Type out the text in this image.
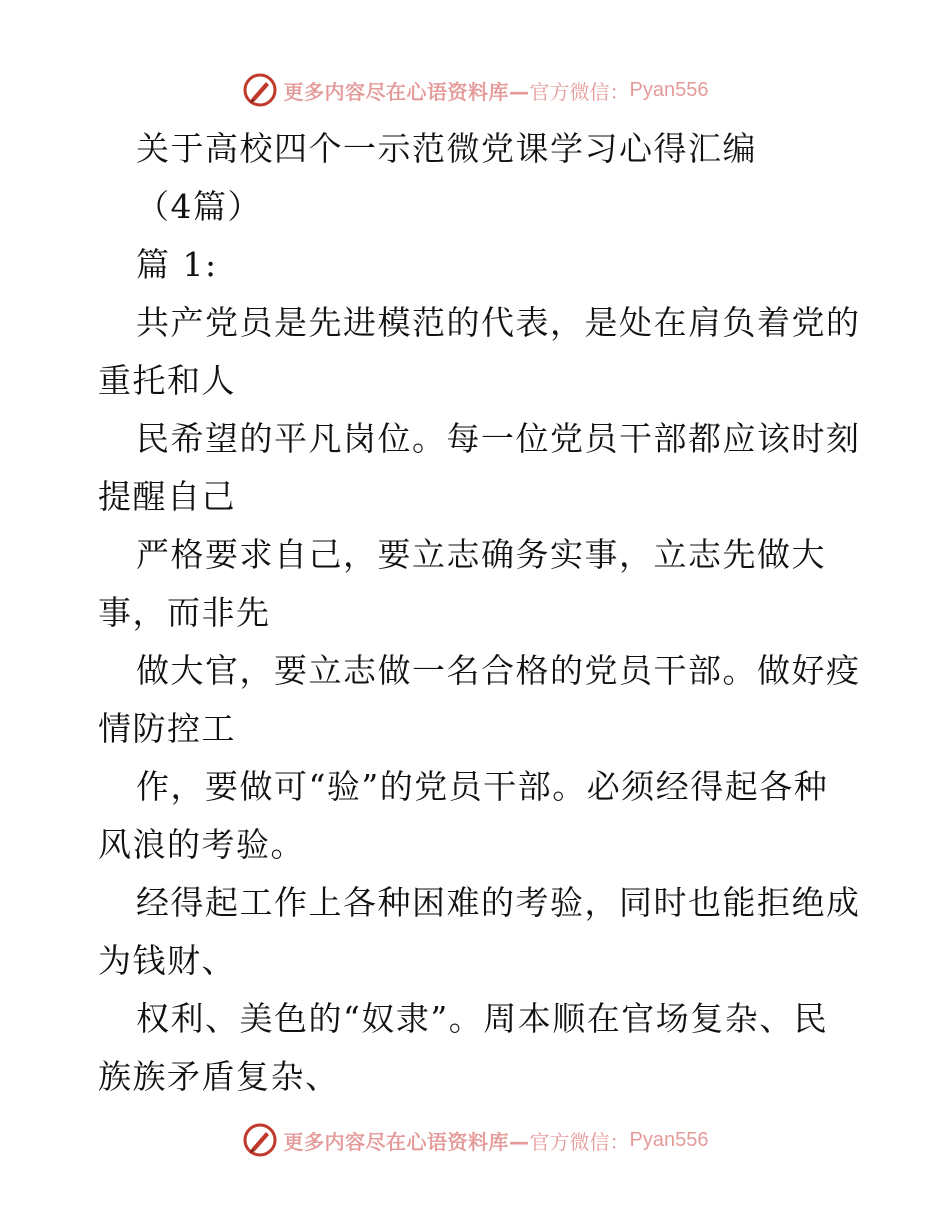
更多内容尽在心语资料库— 官方微信： Pyan556
关于高校四个一示范微党课学习心得汇编
（4篇）
篇 1:
共产党员是先进模范的代表，是处在肩负着党的
重托和人
民希望的平凡岗位。每一位党员干部都应该时刻
提醒自己
严格要求自己，要立志确务实事，立志先做大
事，而非先
做大官，要立志做一名合格的党员干部。做好疫
情防控工
作，要做可“验”的党员干部。必须经得起各种
风浪的考验。
经得起工作上各种困难的考验，同时也能拒绝成
为钱财、
权利、美色的“奴隶”。周本顺在官场复杂、民
族族矛盾复杂、
更多内容尽在心语资料库— 官方微信： Pyan556
